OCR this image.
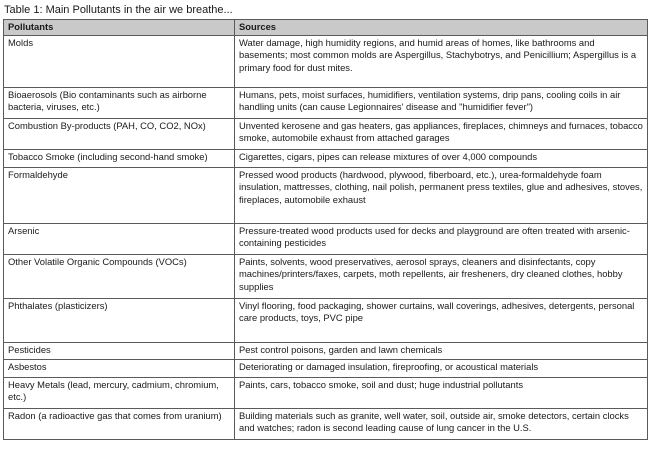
Table 1: Main Pollutants in the air we breathe...
Pollutants	Sources
Molds	Water damage, high humidity regions, and humid areas of homes, like bathrooms and basements; most common molds are Aspergillus, Stachybotrys, and Penicillium; Aspergillus is a primary food for dust mites.
Bioaerosols (Bio contaminants such as airborne bacteria, viruses, etc.)	Humans, pets, moist surfaces, humidifiers, ventilation systems, drip pans, cooling coils in air handling units (can cause Legionnaires' disease and "humidifier fever")
Combustion By-products (PAH, CO, CO2, NOx)	Unvented kerosene and gas heaters, gas appliances, fireplaces, chimneys and furnaces, tobacco smoke, automobile exhaust from attached garages
Tobacco Smoke (including second-hand smoke)	Cigarettes, cigars, pipes can release mixtures of over 4,000 compounds
Formaldehyde	Pressed wood products (hardwood, plywood, fiberboard, etc.), urea-formaldehyde foam insulation, mattresses, clothing, nail polish, permanent press textiles, glue and adhesives, stoves, fireplaces, automobile exhaust
Arsenic	Pressure-treated wood products used for decks and playground are often treated with arsenic-containing pesticides
Other Volatile Organic Compounds (VOCs)	Paints, solvents, wood preservatives, aerosol sprays, cleaners and disinfectants, copy machines/printers/faxes, carpets, moth repellents, air fresheners, dry cleaned clothes, hobby supplies
Phthalates (plasticizers)	Vinyl flooring, food packaging, shower curtains, wall coverings, adhesives, detergents, personal care products, toys, PVC pipe
Pesticides	Pest control poisons, garden and lawn chemicals
Asbestos	Deteriorating or damaged insulation, fireproofing, or acoustical materials
Heavy Metals (lead, mercury, cadmium, chromium, etc.)	Paints, cars, tobacco smoke, soil and dust; huge industrial pollutants
Radon (a radioactive gas that comes from uranium)	Building materials such as granite, well water, soil, outside air, smoke detectors, certain clocks and watches; radon is second leading cause of lung cancer in the U.S.
